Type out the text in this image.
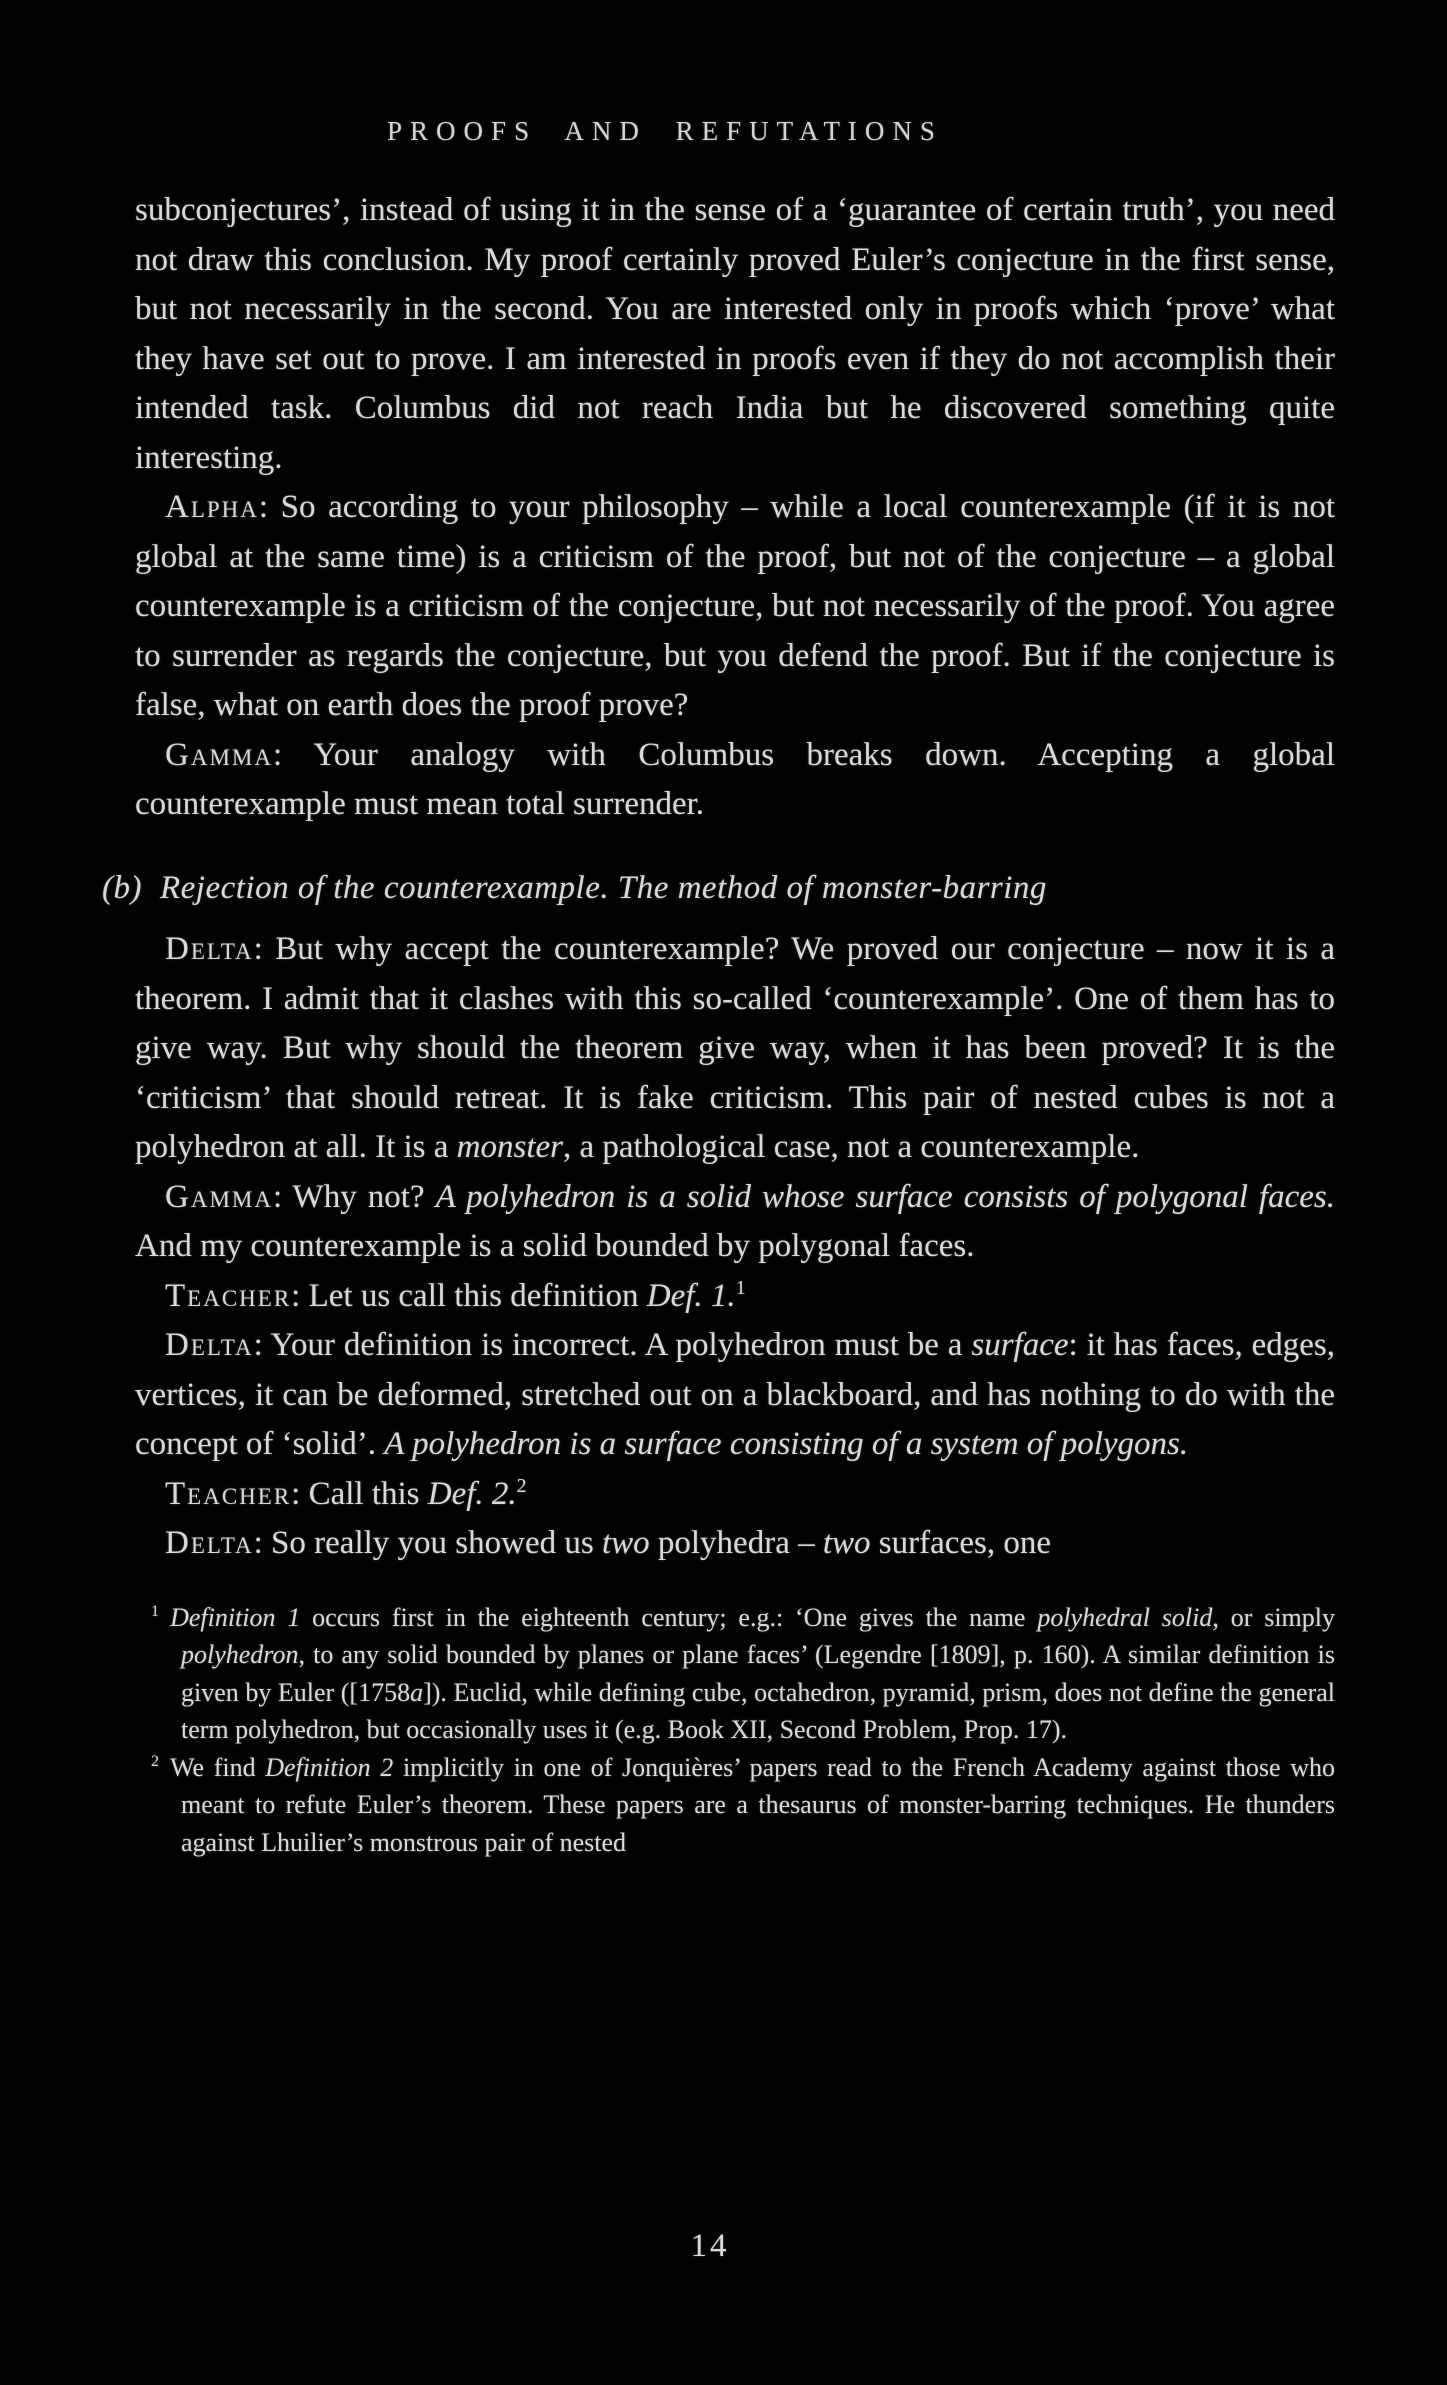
PROOFS AND REFUTATIONS

subconjectures’, instead of using it in the sense of a ‘guarantee of certain truth’, you need not draw this conclusion. My proof certainly proved Euler’s conjecture in the first sense, but not necessarily in the second. You are interested only in proofs which ‘prove’ what they have set out to prove. I am interested in proofs even if they do not accomplish their intended task. Columbus did not reach India but he discovered something quite interesting.

Alpha: So according to your philosophy – while a local counterexample (if it is not global at the same time) is a criticism of the proof, but not of the conjecture – a global counterexample is a criticism of the conjecture, but not necessarily of the proof. You agree to surrender as regards the conjecture, but you defend the proof. But if the conjecture is false, what on earth does the proof prove?

Gamma: Your analogy with Columbus breaks down. Accepting a global counterexample must mean total surrender.

(b) Rejection of the counterexample. The method of monster-barring

Delta: But why accept the counterexample? We proved our conjecture – now it is a theorem. I admit that it clashes with this so-called ‘counterexample’. One of them has to give way. But why should the theorem give way, when it has been proved? It is the ‘criticism’ that should retreat. It is fake criticism. This pair of nested cubes is not a polyhedron at all. It is a monster, a pathological case, not a counterexample.

Gamma: Why not? A polyhedron is a solid whose surface consists of polygonal faces. And my counterexample is a solid bounded by polygonal faces.

Teacher: Let us call this definition Def. 1.$^1$

Delta: Your definition is incorrect. A polyhedron must be a surface: it has faces, edges, vertices, it can be deformed, stretched out on a blackboard, and has nothing to do with the concept of ‘solid’. A polyhedron is a surface consisting of a system of polygons.

Teacher: Call this Def. 2.$^2$

Delta: So really you showed us two polyhedra – two surfaces, one

$^1$ Definition 1 occurs first in the eighteenth century; e.g.: ‘One gives the name polyhedral solid, or simply polyhedron, to any solid bounded by planes or plane faces’ (Legendre [1809], p. 160). A similar definition is given by Euler ([1758a]). Euclid, while defining cube, octahedron, pyramid, prism, does not define the general term polyhedron, but occasionally uses it (e.g. Book XII, Second Problem, Prop. 17).

$^2$ We find Definition 2 implicitly in one of Jonquières’ papers read to the French Academy against those who meant to refute Euler’s theorem. These papers are a thesaurus of monster-barring techniques. He thunders against Lhuilier’s monstrous pair of nested

14
